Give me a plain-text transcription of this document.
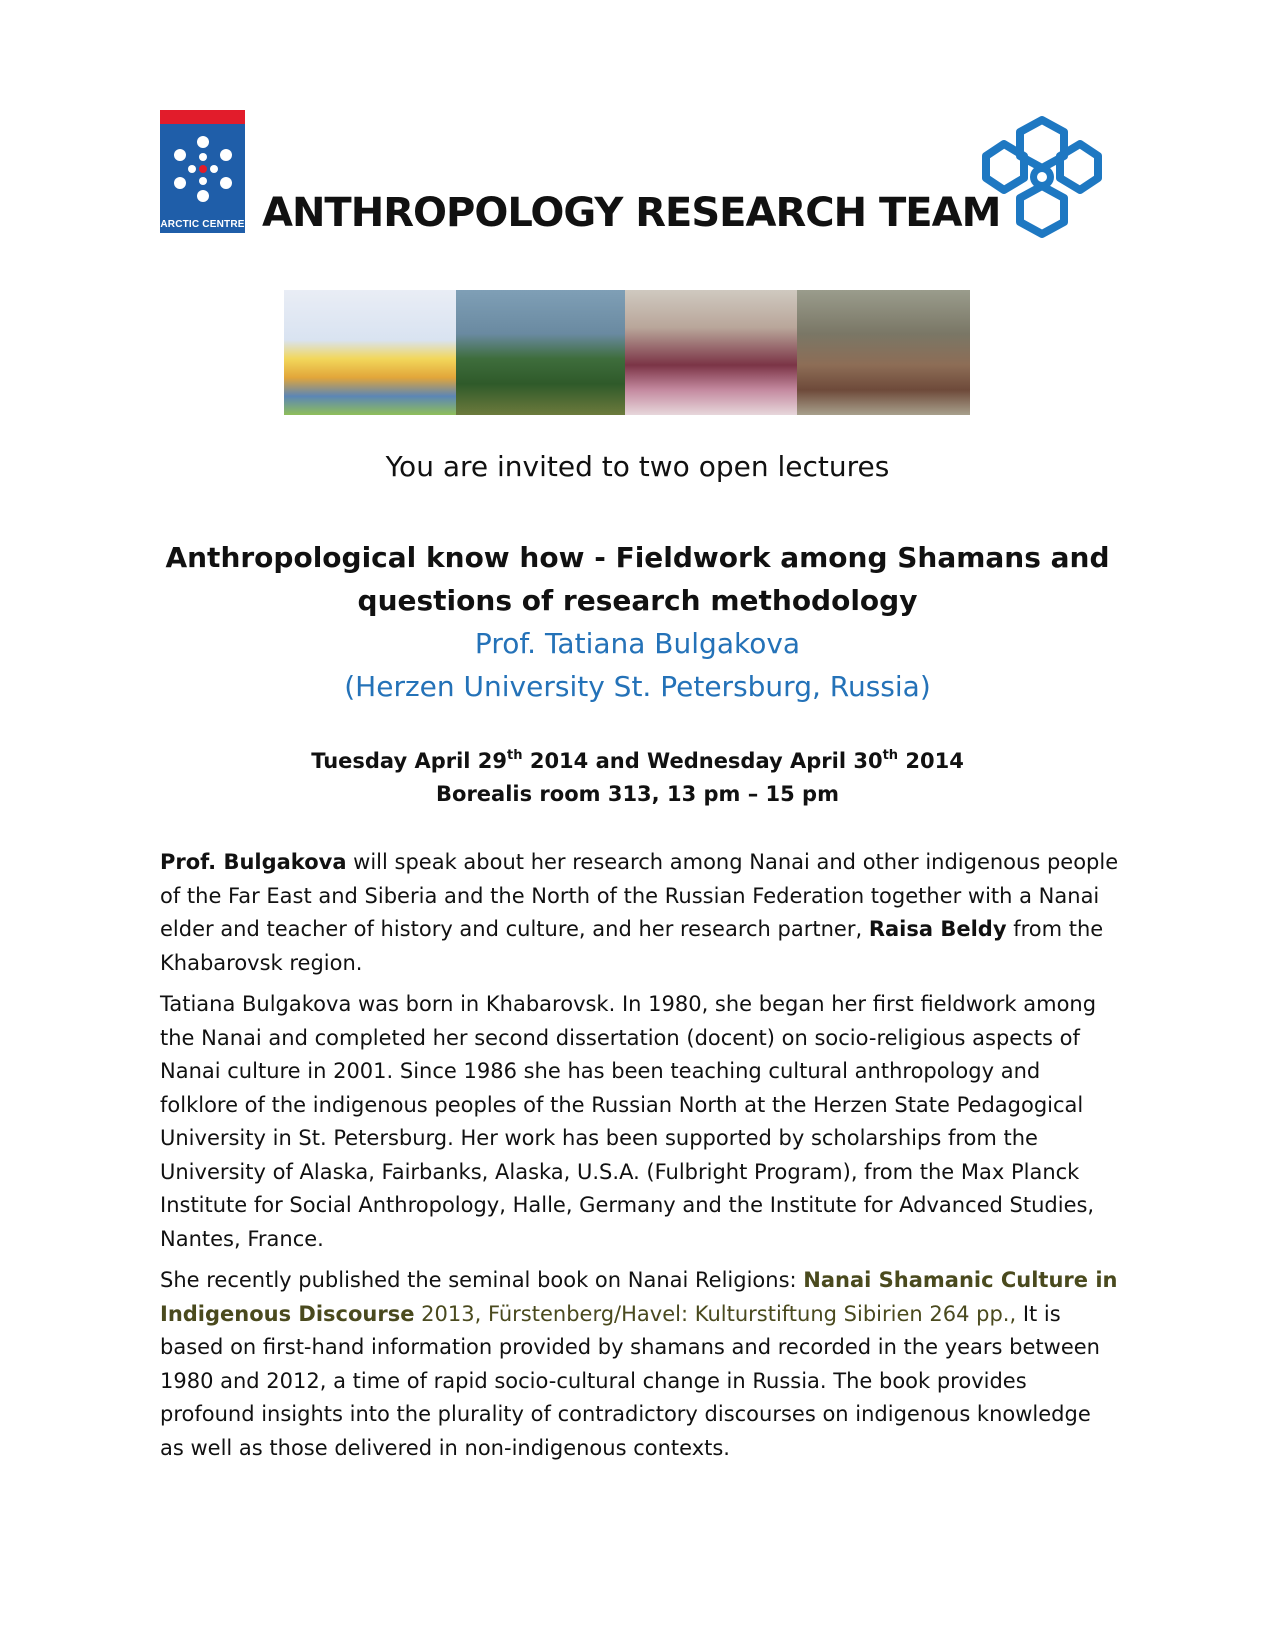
ARCTIC CENTRE ANTHROPOLOGY RESEARCH TEAM
You are invited to two open lectures
Anthropological know how - Fieldwork among Shamans and
questions of research methodology
Prof. Tatiana Bulgakova
(Herzen University St. Petersburg, Russia)
Tuesday April 29th 2014 and Wednesday April 30th 2014
Borealis room 313, 13 pm – 15 pm

Prof. Bulgakova will speak about her research among Nanai and other indigenous people of the Far East and Siberia and the North of the Russian Federation together with a Nanai elder and teacher of history and culture, and her research partner, Raisa Beldy from the Khabarovsk region.

Tatiana Bulgakova was born in Khabarovsk. In 1980, she began her first fieldwork among the Nanai and completed her second dissertation (docent) on socio-religious aspects of Nanai culture in 2001. Since 1986 she has been teaching cultural anthropology and folklore of the indigenous peoples of the Russian North at the Herzen State Pedagogical University in St. Petersburg. Her work has been supported by scholarships from the University of Alaska, Fairbanks, Alaska, U.S.A. (Fulbright Program), from the Max Planck Institute for Social Anthropology, Halle, Germany and the Institute for Advanced Studies, Nantes, France.

She recently published the seminal book on Nanai Religions: Nanai Shamanic Culture in Indigenous Discourse 2013, Fürstenberg/Havel: Kulturstiftung Sibirien 264 pp., It is based on first-hand information provided by shamans and recorded in the years between 1980 and 2012, a time of rapid socio-cultural change in Russia. The book provides profound insights into the plurality of contradictory discourses on indigenous knowledge as well as those delivered in non-indigenous contexts.
